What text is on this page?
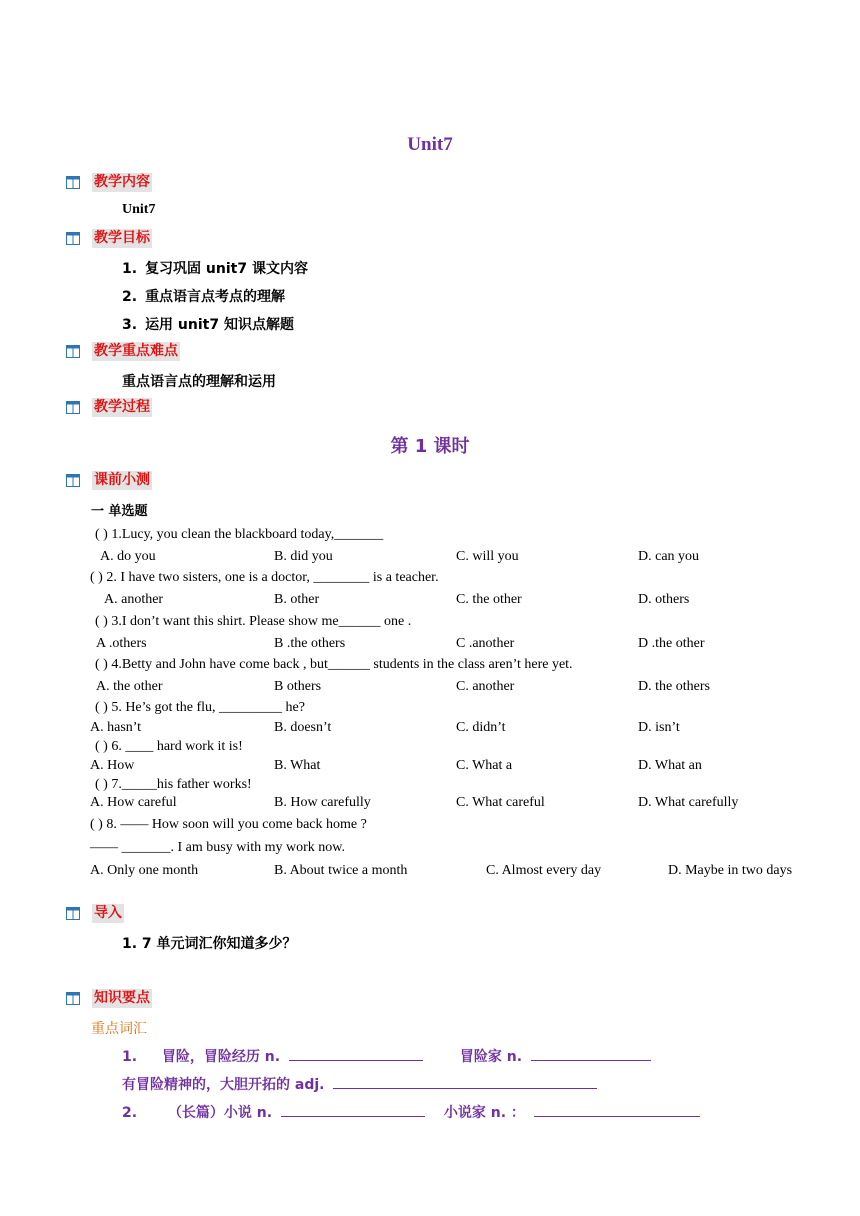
Unit7
教学内容
Unit7
教学目标
1. 复习巩固 unit7 课文内容
2. 重点语言点考点的理解
3. 运用 unit7 知识点解题
教学重点难点
重点语言点的理解和运用
教学过程
第 1 课时
课前小测
一 单选题
( ) 1.Lucy, you clean the blackboard today,_______
A. do you	B. did you	C. will you	D. can you
( ) 2. I have two sisters, one is a doctor, ________ is a teacher.
A. another	B. other	C. the other	D. others
( ) 3.I don’t want this shirt. Please show me______ one .
A .others	B .the others	C .another	D .the other
( ) 4.Betty and John have come back , but______ students in the class aren’t here yet.
A. the other	B others	C. another	D. the others
( ) 5. He’s got the flu, _________ he?
A. hasn’t	B. doesn’t	C. didn’t	D. isn’t
( ) 6. ____ hard work it is!
A. How	B. What	C. What a	D. What an
( ) 7._____his father works!
A. How careful	B. How carefully	C. What careful	D. What carefully
( ) 8. —— How soon will you come back home ?
—— _______. I am busy with my work now.
A. Only one month	B. About twice a month	C. Almost every day	D. Maybe in two days
导入
1. 7 单元词汇你知道多少？
知识要点
重点词汇
1. 冒险，冒险经历 n.	冒险家 n.
有冒险精神的，大胆开拓的 adj.
2. （长篇）小说 n.	小说家 n. ：
